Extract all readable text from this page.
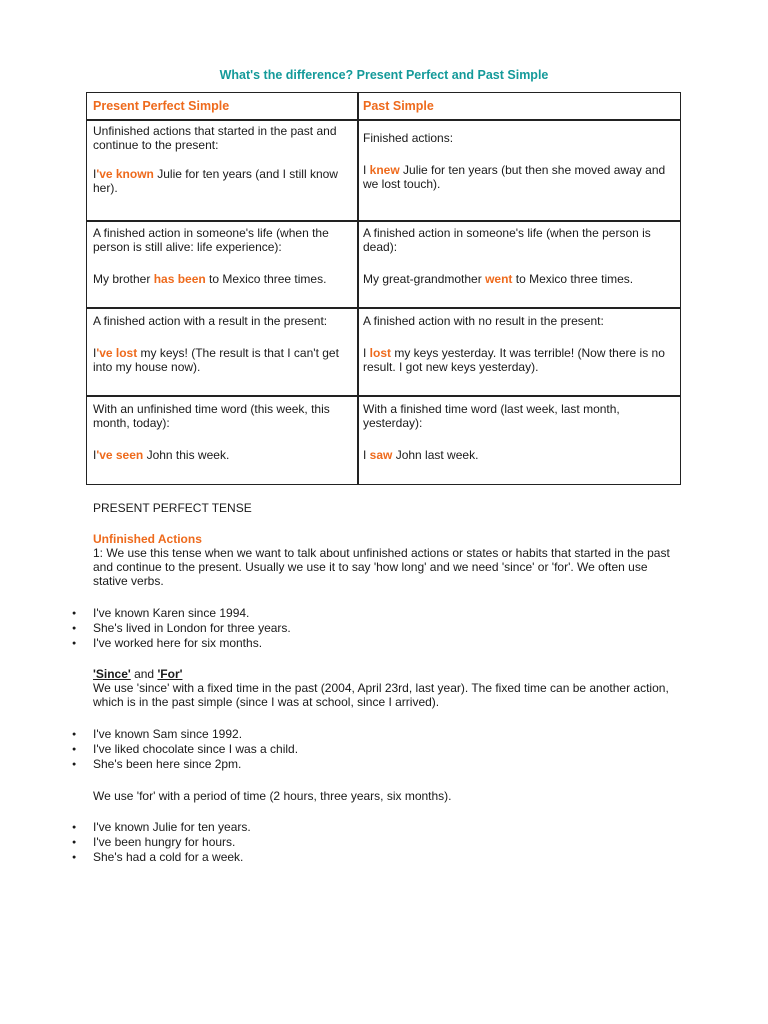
What's the difference? Present Perfect and Past Simple
Present Perfect Simple	Past Simple

Unfinished actions that started in the past and continue to the present:

I've known Julie for ten years (and I still know her).

Finished actions:

I knew Julie for ten years (but then she moved away and we lost touch).

A finished action in someone's life (when the person is still alive: life experience):

My brother has been to Mexico three times.

A finished action in someone's life (when the person is dead):

My great-grandmother went to Mexico three times.

A finished action with a result in the present:

I've lost my keys! (The result is that I can't get into my house now).

A finished action with no result in the present:

I lost my keys yesterday. It was terrible! (Now there is no result. I got new keys yesterday).

With an unfinished time word (this week, this month, today):

I've seen John this week.

With a finished time word (last week, last month, yesterday):

I saw John last week.

PRESENT PERFECT TENSE
Unfinished Actions
1: We use this tense when we want to talk about unfinished actions or states or habits that started in the past and continue to the present. Usually we use it to say 'how long' and we need 'since' or 'for'. We often use stative verbs.
● I've known Karen since 1994.
● She's lived in London for three years.
● I've worked here for six months.
'Since' and 'For'
We use 'since' with a fixed time in the past (2004, April 23rd, last year). The fixed time can be another action, which is in the past simple (since I was at school, since I arrived).
● I've known Sam since 1992.
● I've liked chocolate since I was a child.
● She's been here since 2pm.
We use 'for' with a period of time (2 hours, three years, six months).
● I've known Julie for ten years.
● I've been hungry for hours.
● She's had a cold for a week.
